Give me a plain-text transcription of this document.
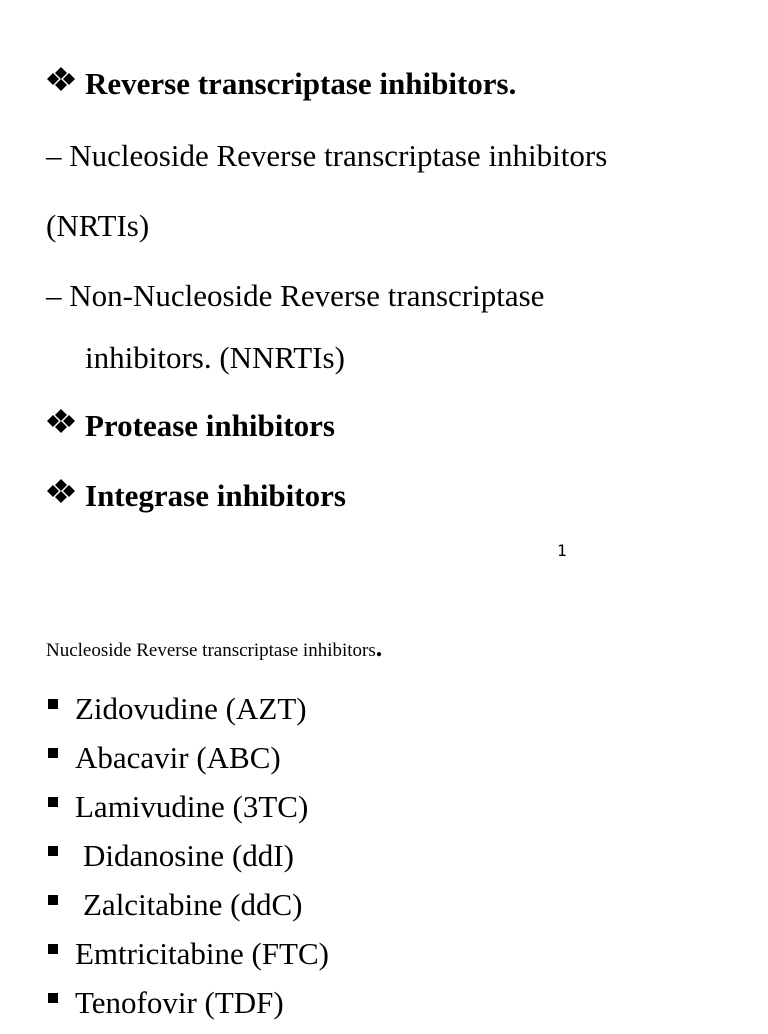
Reverse transcriptase inhibitors.
– Nucleoside Reverse transcriptase inhibitors
(NRTIs)
– Non-Nucleoside Reverse transcriptase
inhibitors. (NNRTIs)
Protease inhibitors
Integrase inhibitors
1
Nucleoside Reverse transcriptase inhibitors.
Zidovudine (AZT)
Abacavir (ABC)
Lamivudine (3TC)
Didanosine (ddI)
Zalcitabine (ddC)
Emtricitabine (FTC)
Tenofovir (TDF)
